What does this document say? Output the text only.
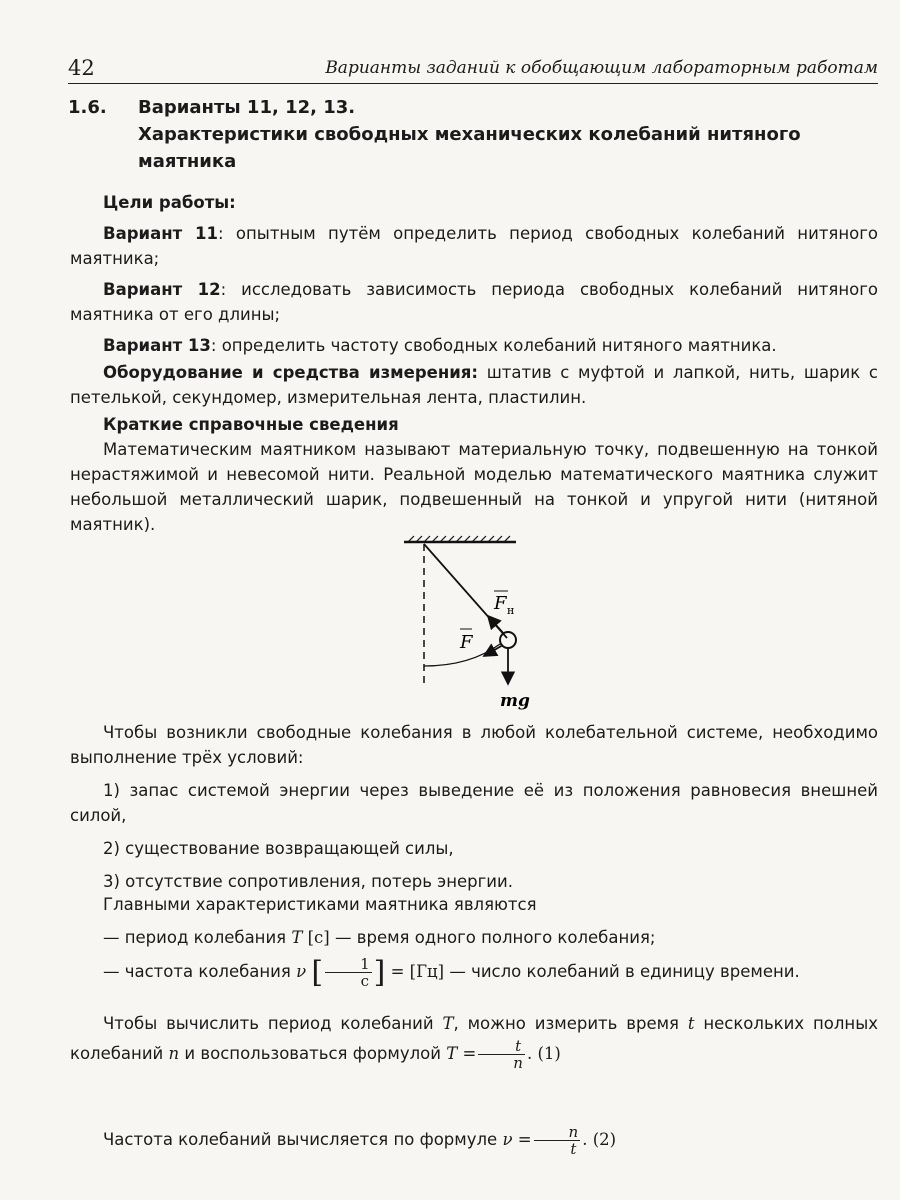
42	Варианты заданий к обобщающим лабораторным работам
1.6. Варианты 11, 12, 13.
Характеристики свободных механических колебаний нитяного маятника
Цели работы:
Вариант 11: опытным путём определить период свободных колебаний нитяного маятника;
Вариант 12: исследовать зависимость периода свободных колебаний нитяного маятника от его длины;
Вариант 13: определить частоту свободных колебаний нитяного маятника.
Оборудование и средства измерения: штатив с муфтой и лапкой, нить, шарик с петелькой, секундомер, измерительная лента, пластилин.
Краткие справочные сведения
Математическим маятником называют материальную точку, подвешенную на тонкой нерастяжимой и невесомой нити. Реальной моделью математического маятника служит небольшой металлический шарик, подвешенный на тонкой и упругой нити (нитяной маятник).
F н
F
mg
Чтобы возникли свободные колебания в любой колебательной системе, необходимо выполнение трёх условий:
1) запас системой энергии через выведение её из положения равновесия внешней силой,
2) существование возвращающей силы,
3) отсутствие сопротивления, потерь энергии.
Главными характеристиками маятника являются
— период колебания T [с] — время одного полного колебания;
— частота колебания ν [ $\frac{1}{с}$ ] = [Гц] — число колебаний в единицу времени.
Чтобы вычислить период колебаний T, можно измерить время t нескольких полных колебаний n и воспользоваться формулой $T = \frac{t}{n}$ . (1)
Частота колебаний вычисляется по формуле $\nu = \frac{n}{t}$ . (2)
